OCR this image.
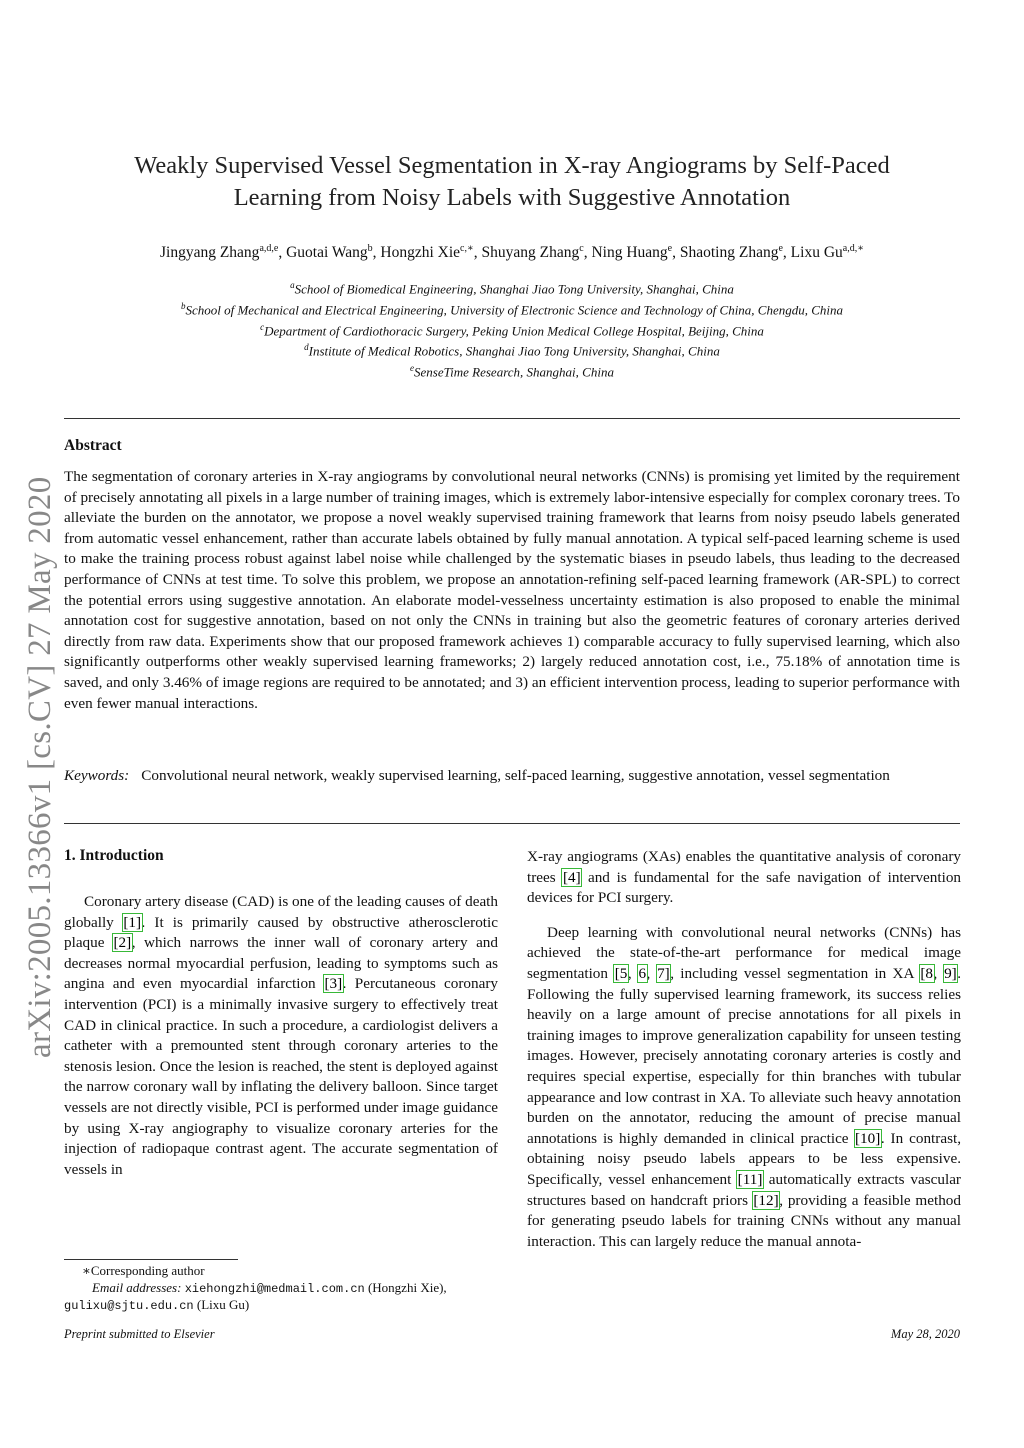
arXiv:2005.13366v1 [cs.CV] 27 May 2020
Weakly Supervised Vessel Segmentation in X-ray Angiograms by Self-Paced
Learning from Noisy Labels with Suggestive Annotation
Jingyang Zhang$^{a,d,e}$, Guotai Wang$^b$, Hongzhi Xie$^{c,∗}$, Shuyang Zhang$^c$, Ning Huang$^e$, Shaoting Zhang$^e$, Lixu $Gu^{a,d,∗}$
$^a$School of Biomedical Engineering, Shanghai Jiao Tong University, Shanghai, China
$^b$School of Mechanical and Electrical Engineering, University of Electronic Science and Technology of China, Chengdu, China
$^c$Department of Cardiothoracic Surgery, Peking Union Medical College Hospital, Beijing, China
$^d$Institute of Medical Robotics, Shanghai Jiao Tong University, Shanghai, China
$^e$SenseTime Research, Shanghai, China
Abstract
The segmentation of coronary arteries in X-ray angiograms by convolutional neural networks (CNNs) is promising yet limited by the requirement of precisely annotating all pixels in a large number of training images, which is extremely labor-intensive especially for complex coronary trees. To alleviate the burden on the annotator, we propose a novel weakly supervised training framework that learns from noisy pseudo labels generated from automatic vessel enhancement, rather than accurate labels obtained by fully manual annotation. A typical self-paced learning scheme is used to make the training process robust against label noise while challenged by the systematic biases in pseudo labels, thus leading to the decreased performance of CNNs at test time. To solve this problem, we propose an annotation-refining self-paced learning framework (AR-SPL) to correct the potential errors using suggestive annotation. An elaborate model-vesselness uncertainty estimation is also proposed to enable the minimal annotation cost for suggestive annotation, based on not only the CNNs in training but also the geometric features of coronary arteries derived directly from raw data. Experiments show that our proposed framework achieves 1) comparable accuracy to fully supervised learning, which also significantly outperforms other weakly supervised learning frameworks; 2) largely reduced annotation cost, i.e., 75.18% of annotation time is saved, and only 3.46% of image regions are required to be annotated; and 3) an efficient intervention process, leading to superior performance with even fewer manual interactions.
Keywords: Convolutional neural network, weakly supervised learning, self-paced learning, suggestive annotation, vessel segmentation
1. Introduction

Coronary artery disease (CAD) is one of the leading causes of death globally [1]. It is primarily caused by obstructive atherosclerotic plaque [2], which narrows the inner wall of coronary artery and decreases normal myocardial perfusion, leading to symptoms such as angina and even myocardial infarction [3]. Percutaneous coronary intervention (PCI) is a minimally invasive surgery to effectively treat CAD in clinical practice. In such a procedure, a cardiologist delivers a catheter with a premounted stent through coronary arteries to the stenosis lesion. Once the lesion is reached, the stent is deployed against the narrow coronary wall by inflating the delivery balloon. Since target vessels are not directly visible, PCI is performed under image guidance by using X-ray angiography to visualize coronary arteries for the injection of radiopaque contrast agent. The accurate segmentation of vessels in

X-ray angiograms (XAs) enables the quantitative analysis of coronary trees [4] and is fundamental for the safe navigation of intervention devices for PCI surgery.

Deep learning with convolutional neural networks (CNNs) has achieved the state-of-the-art performance for medical image segmentation [5, 6, 7], including vessel segmentation in XA [8, 9]. Following the fully supervised learning framework, its success relies heavily on a large amount of precise annotations for all pixels in training images to improve generalization capability for unseen testing images. However, precisely annotating coronary arteries is costly and requires special expertise, especially for thin branches with tubular appearance and low contrast in XA. To alleviate such heavy annotation burden on the annotator, reducing the amount of precise manual annotations is highly demanded in clinical practice [10]. In contrast, obtaining noisy pseudo labels appears to be less expensive. Specifically, vessel enhancement [11] automatically extracts vascular structures based on handcraft priors [12], providing a feasible method for generating pseudo labels for training CNNs without any manual interaction. This can largely reduce the manual annota-

∗Corresponding author
Email addresses: xiehongzhi@medmail.com.cn (Hongzhi Xie),
gulixu@sjtu.edu.cn (Lixu Gu)
Preprint submitted to Elsevier	May 28, 2020
